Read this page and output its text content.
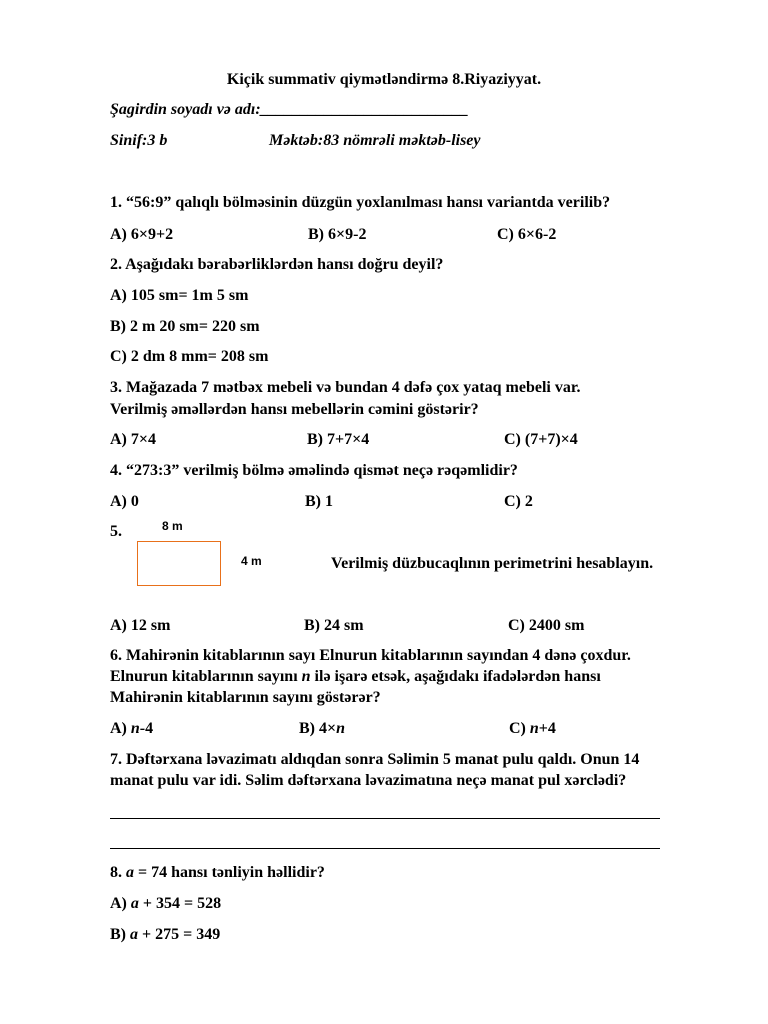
Kiçik summativ qiymətləndirmə 8.Riyaziyyat.
Şagirdin soyadı və adı:__________________________
Sinif:3 b	Məktəb:83 nömrəli məktəb-lisey
1. “56:9” qalıqlı bölməsinin düzgün yoxlanılması hansı variantda verilib?
A) 6×9+2	B) 6×9-2	C) 6×6-2
2. Aşağıdakı bərabərliklərdən hansı doğru deyil?
A) 105 sm= 1m 5 sm
B) 2 m 20 sm= 220 sm
C) 2 dm 8 mm= 208 sm
3. Mağazada 7 mətbəx mebeli və bundan 4 dəfə çox yataq mebeli var.
Verilmiş əməllərdən hansı mebellərin cəmini göstərir?
A) 7×4	B) 7+7×4	C) (7+7)×4
4. “273:3” verilmiş bölmə əməlində qismət neçə rəqəmlidir?
A) 0	B) 1	C) 2
5.	8 m
4 m	Verilmiş düzbucaqlının perimetrini hesablayın.
A) 12 sm	B) 24 sm	C) 2400 sm
6. Mahirənin kitablarının sayı Elnurun kitablarının sayından 4 dənə çoxdur.
Elnurun kitablarının sayını n ilə işarə etsək, aşağıdakı ifadələrdən hansı
Mahirənin kitablarının sayını göstərər?
A) n-4	B) 4×n	C) n+4
7. Dəftərxana ləvazimatı aldıqdan sonra Səlimin 5 manat pulu qaldı. Onun 14
manat pulu var idi. Səlim dəftərxana ləvazimatına neçə manat pul xərclədi?
8. a = 74 hansı tənliyin həllidir?
A) a + 354 = 528
B) a + 275 = 349
